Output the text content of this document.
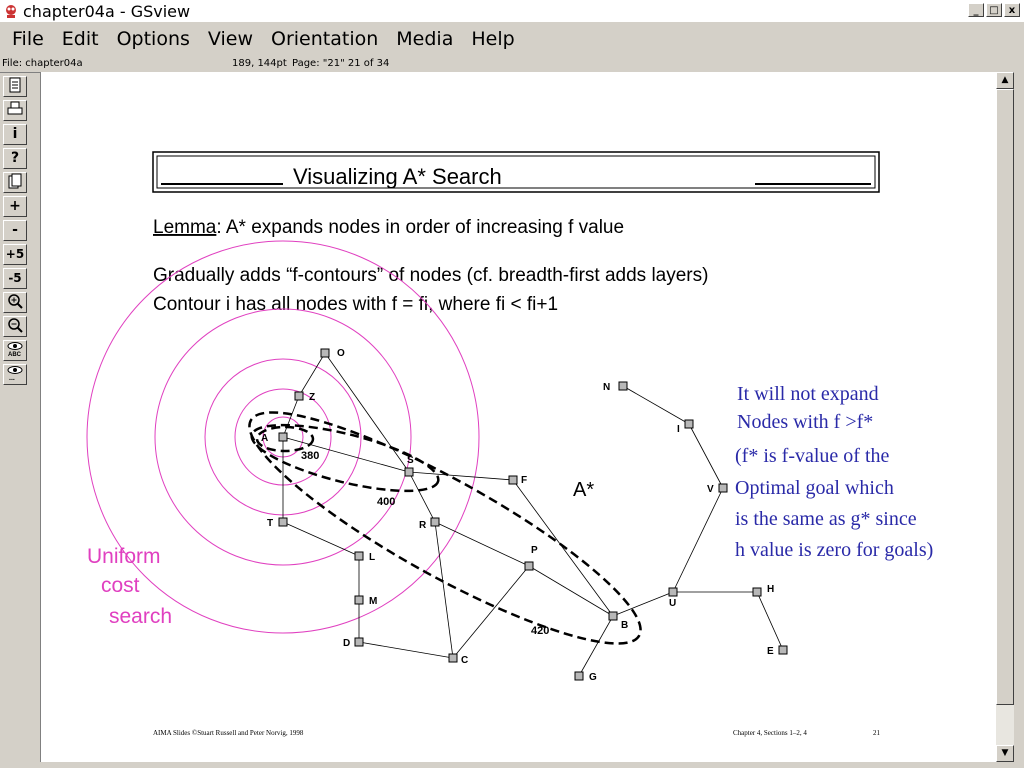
chapter04a - GSview	_	□	x
File Edit Options View Orientation Media Help
File: chapter04a	189, 144pt Page: "21" 21 of 34
i
?
+
-
+5
-5
ABC
...
Visualizing A* Search
Lemma: A* expands nodes in order of increasing f value
Gradually adds “f-contours” of nodes (cf. breadth-first adds layers)
Contour i has all nodes with f = fi, where fi < fi+1
O
Z
A
S
F
T	R
L
P
M
B
D
C
G
U
H
E
V
I
N
380
400
420
A*
Uniform
cost
search
It will not expand
Nodes with f >f*
(f* is f-value of the
Optimal goal which
is the same as g* since
h value is zero for goals)
AIMA Slides ©Stuart Russell and Peter Norvig, 1998	Chapter 4, Sections 1–2, 4	21
▲
▼
